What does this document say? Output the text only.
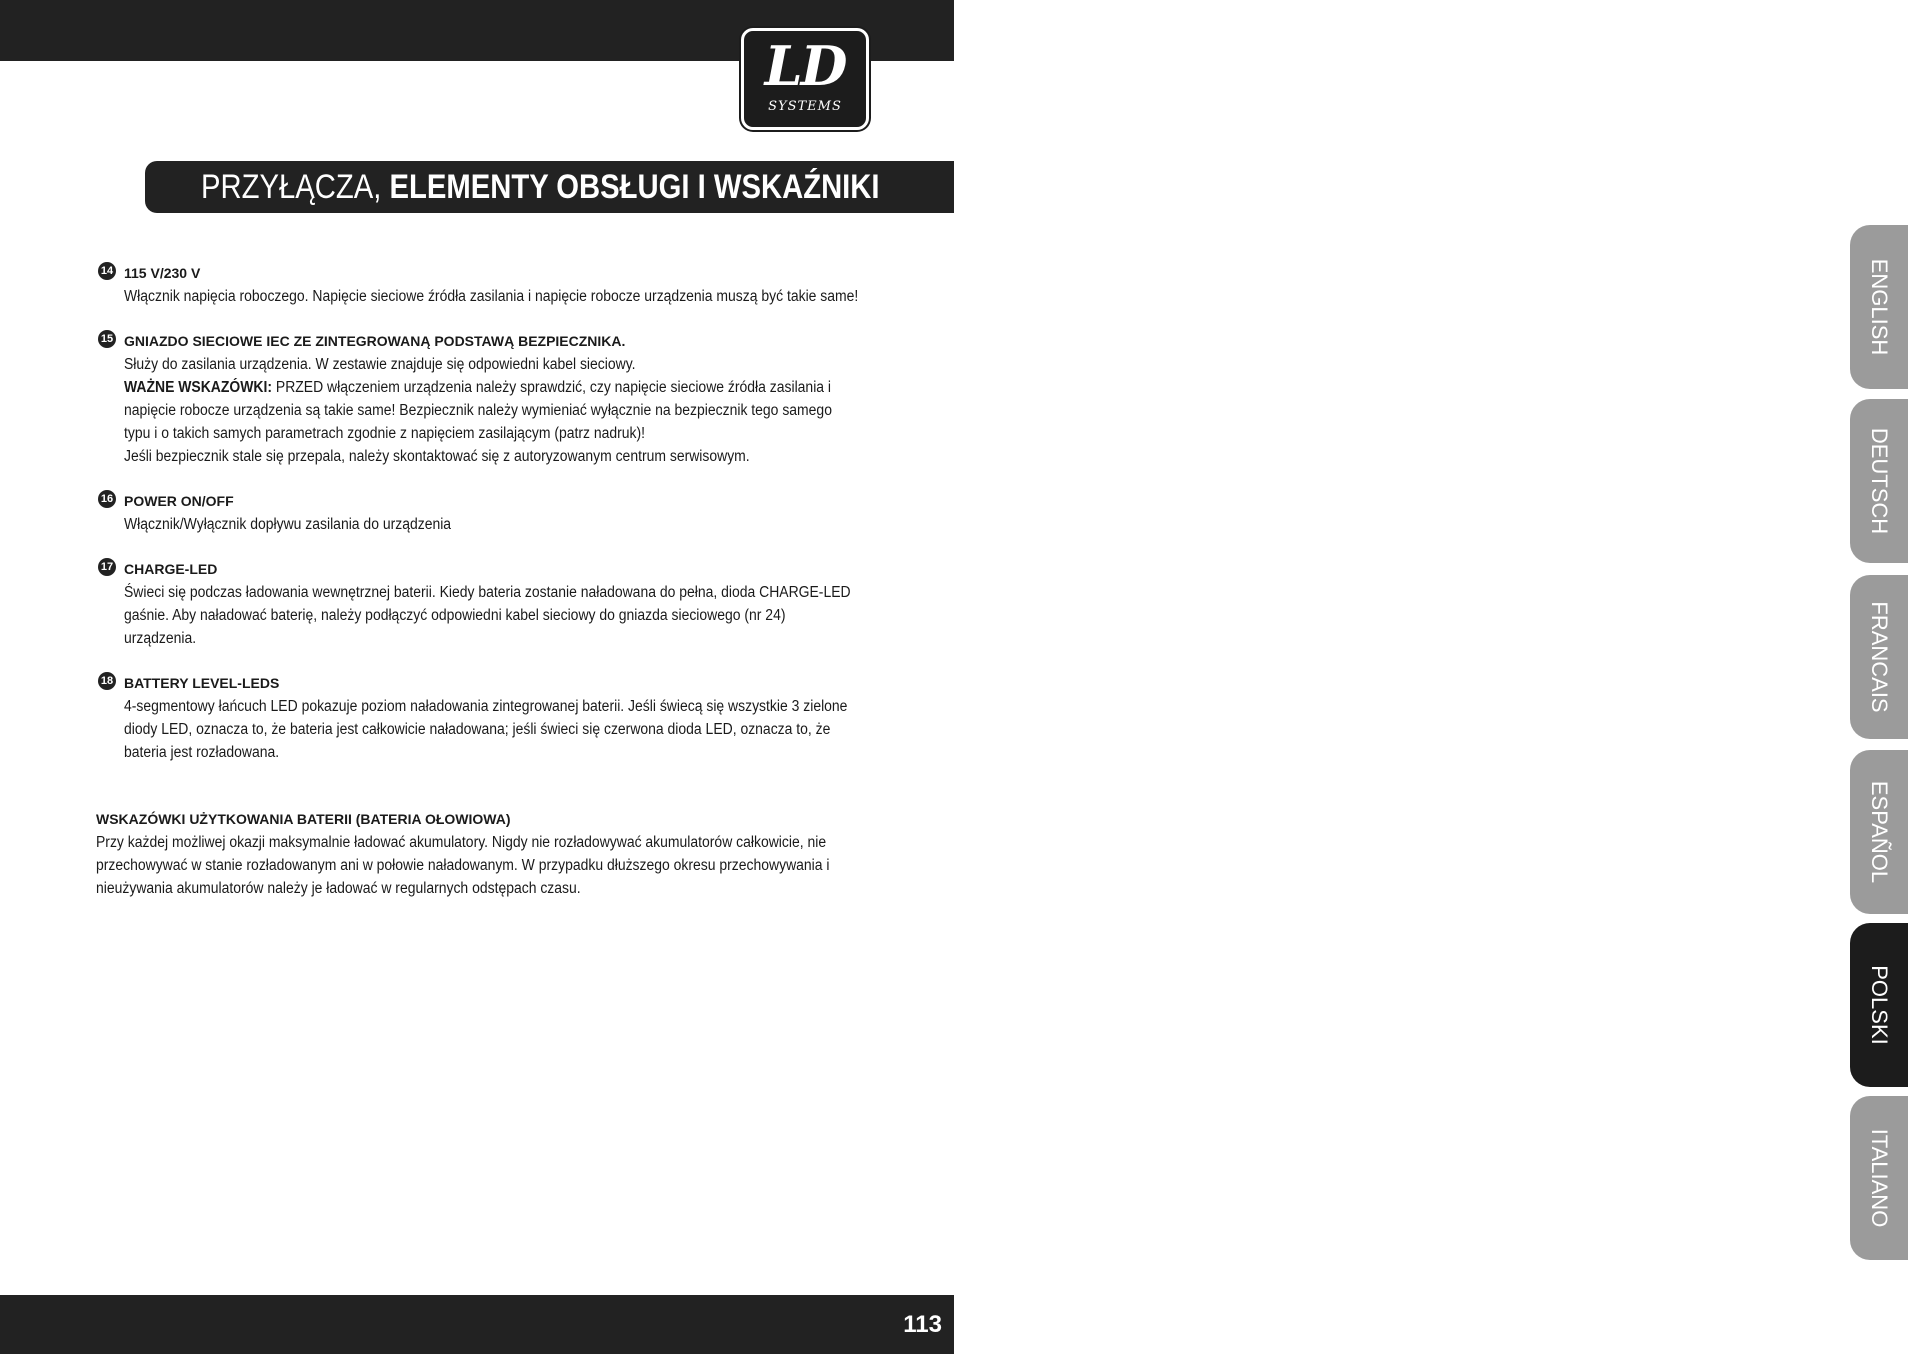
LD
SYSTEMS
PRZYŁĄCZA, ELEMENTY OBSŁUGI I WSKAŹNIKI
14 115 V/230 V
Włącznik napięcia roboczego. Napięcie sieciowe źródła zasilania i napięcie robocze urządzenia muszą być takie same!
15 GNIAZDO SIECIOWE IEC ZE ZINTEGROWANĄ PODSTAWĄ BEZPIECZNIKA.
Służy do zasilania urządzenia. W zestawie znajduje się odpowiedni kabel sieciowy.
WAŻNE WSKAZÓWKI: PRZED włączeniem urządzenia należy sprawdzić, czy napięcie sieciowe źródła zasilania i napięcie robocze urządzenia są takie same! Bezpiecznik należy wymieniać wyłącznie na bezpiecznik tego samego typu i o takich samych parametrach zgodnie z napięciem zasilającym (patrz nadruk)!
Jeśli bezpiecznik stale się przepala, należy skontaktować się z autoryzowanym centrum serwisowym.
16 POWER ON/OFF
Włącznik/Wyłącznik dopływu zasilania do urządzenia
17 CHARGE-LED
Świeci się podczas ładowania wewnętrznej baterii. Kiedy bateria zostanie naładowana do pełna, dioda CHARGE-LED gaśnie. Aby naładować baterię, należy podłączyć odpowiedni kabel sieciowy do gniazda sieciowego (nr 24) urządzenia.
18 BATTERY LEVEL-LEDS
4-segmentowy łańcuch LED pokazuje poziom naładowania zintegrowanej baterii. Jeśli świecą się wszystkie 3 zielone diody LED, oznacza to, że bateria jest całkowicie naładowana; jeśli świeci się czerwona dioda LED, oznacza to, że bateria jest rozładowana.
WSKAZÓWKI UŻYTKOWANIA BATERII (BATERIA OŁOWIOWA)
Przy każdej możliwej okazji maksymalnie ładować akumulatory. Nigdy nie rozładowywać akumulatorów całkowicie, nie przechowywać w stanie rozładowanym ani w połowie naładowanym. W przypadku dłuższego okresu przechowywania i nieużywania akumulatorów należy je ładować w regularnych odstępach czasu.
ENGLISH
DEUTSCH
FRANCAIS
ESPAÑOL
POLSKI
ITALIANO
113
